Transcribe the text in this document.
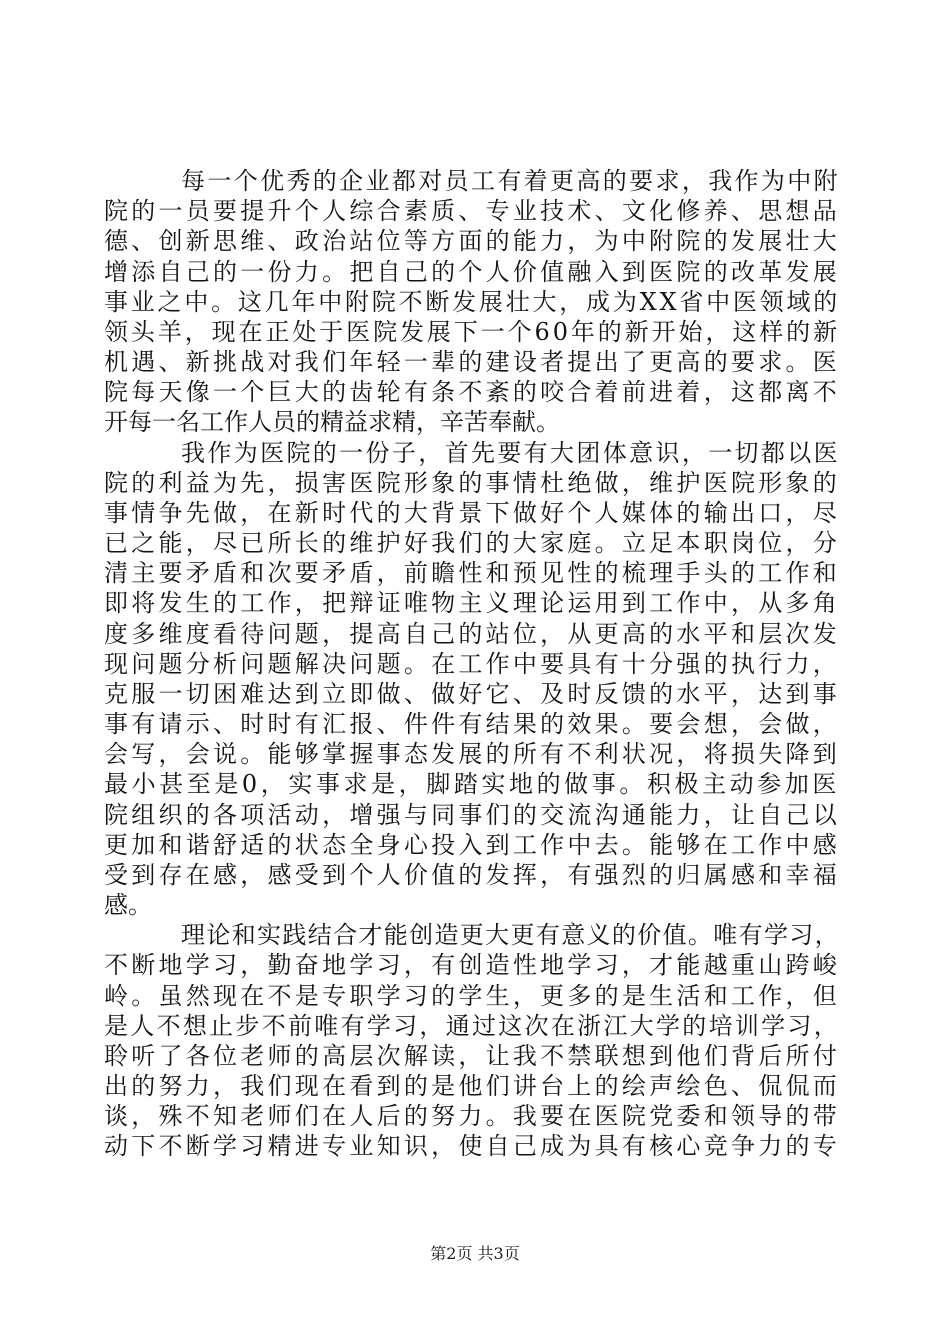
每一个优秀的企业都对员工有着更高的要求，我作为中附
院的一员要提升个人综合素质、专业技术、文化修养、思想品
德、创新思维、政治站位等方面的能力，为中附院的发展壮大
增添自己的一份力。把自己的个人价值融入到医院的改革发展
事业之中。这几年中附院不断发展壮大，成为XX省中医领域的
领头羊，现在正处于医院发展下一个60年的新开始，这样的新
机遇、新挑战对我们年轻一辈的建设者提出了更高的要求。医
院每天像一个巨大的齿轮有条不紊的咬合着前进着，这都离不
开每一名工作人员的精益求精，辛苦奉献。
我作为医院的一份子，首先要有大团体意识，一切都以医
院的利益为先，损害医院形象的事情杜绝做，维护医院形象的
事情争先做，在新时代的大背景下做好个人媒体的输出口，尽
已之能，尽已所长的维护好我们的大家庭。立足本职岗位，分
清主要矛盾和次要矛盾，前瞻性和预见性的梳理手头的工作和
即将发生的工作，把辩证唯物主义理论运用到工作中，从多角
度多维度看待问题，提高自己的站位，从更高的水平和层次发
现问题分析问题解决问题。在工作中要具有十分强的执行力，
克服一切困难达到立即做、做好它、及时反馈的水平，达到事
事有请示、时时有汇报、件件有结果的效果。要会想，会做，
会写，会说。能够掌握事态发展的所有不利状况，将损失降到
最小甚至是0，实事求是，脚踏实地的做事。积极主动参加医
院组织的各项活动，增强与同事们的交流沟通能力，让自己以
更加和谐舒适的状态全身心投入到工作中去。能够在工作中感
受到存在感，感受到个人价值的发挥，有强烈的归属感和幸福
感。
理论和实践结合才能创造更大更有意义的价值。唯有学习，
不断地学习，勤奋地学习，有创造性地学习，才能越重山跨峻
岭。虽然现在不是专职学习的学生，更多的是生活和工作，但
是人不想止步不前唯有学习，通过这次在浙江大学的培训学习，
聆听了各位老师的高层次解读，让我不禁联想到他们背后所付
出的努力，我们现在看到的是他们讲台上的绘声绘色、侃侃而
谈，殊不知老师们在人后的努力。我要在医院党委和领导的带
动下不断学习精进专业知识，使自己成为具有核心竞争力的专
第2页 共3页
